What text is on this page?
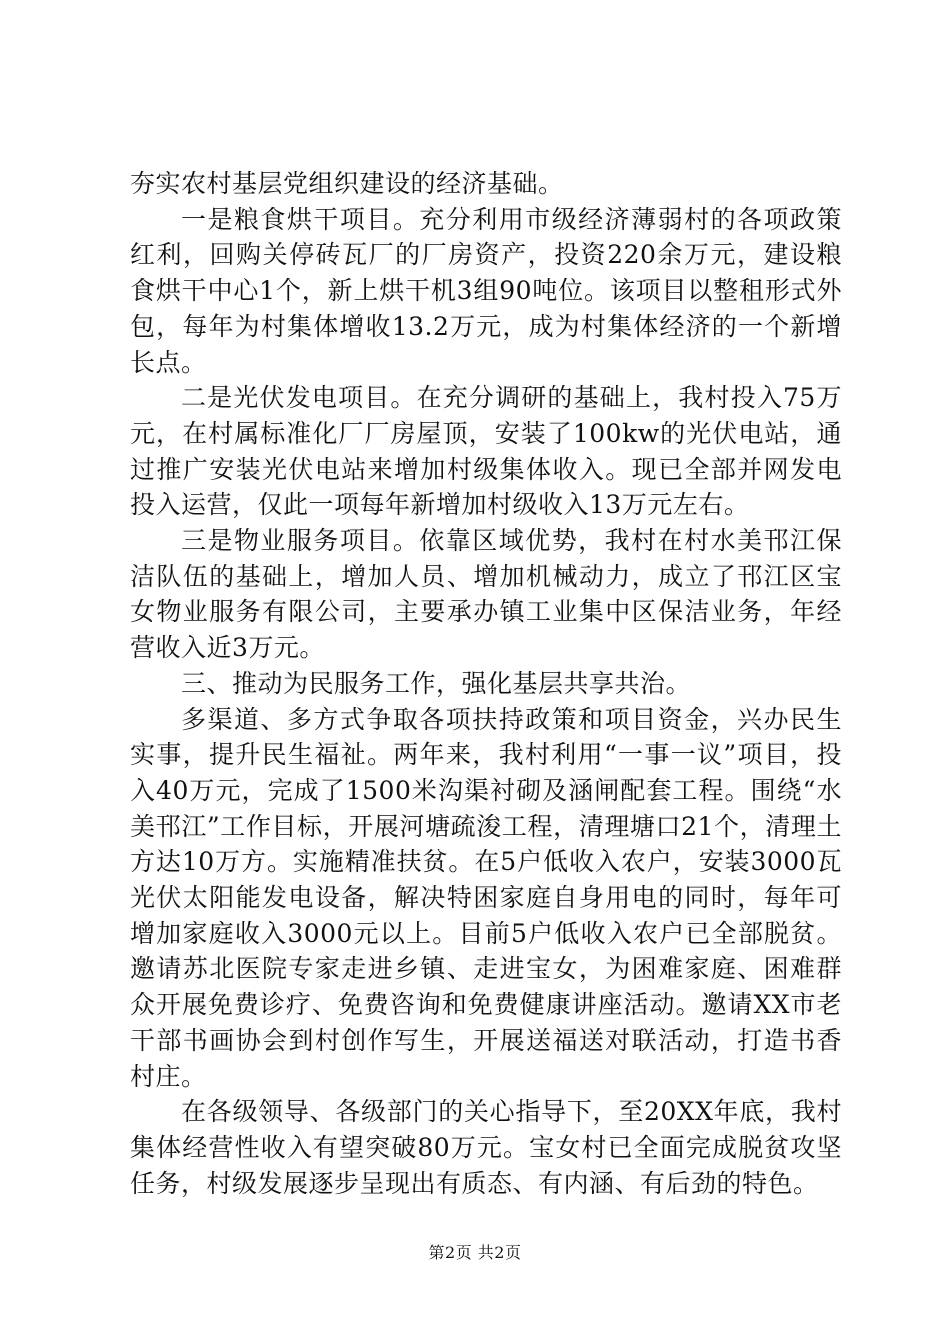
夯实农村基层党组织建设的经济基础。

一是粮食烘干项目。充分利用市级经济薄弱村的各项政策红利，回购关停砖瓦厂的厂房资产，投资220余万元，建设粮食烘干中心1个，新上烘干机3组90吨位。该项目以整租形式外包，每年为村集体增收13.2万元，成为村集体经济的一个新增长点。

二是光伏发电项目。在充分调研的基础上，我村投入75万元，在村属标准化厂厂房屋顶，安装了100kw的光伏电站，通过推广安装光伏电站来增加村级集体收入。现已全部并网发电投入运营，仅此一项每年新增加村级收入13万元左右。

三是物业服务项目。依靠区域优势，我村在村水美邗江保洁队伍的基础上，增加人员、增加机械动力，成立了邗江区宝女物业服务有限公司，主要承办镇工业集中区保洁业务，年经营收入近3万元。

三、推动为民服务工作，强化基层共享共治。

多渠道、多方式争取各项扶持政策和项目资金，兴办民生实事，提升民生福祉。两年来，我村利用“一事一议”项目，投入40万元，完成了1500米沟渠衬砌及涵闸配套工程。围绕“水美邗江”工作目标，开展河塘疏浚工程，清理塘口21个，清理土方达10万方。实施精准扶贫。在5户低收入农户，安装3000瓦光伏太阳能发电设备，解决特困家庭自身用电的同时，每年可增加家庭收入3000元以上。目前5户低收入农户已全部脱贫。邀请苏北医院专家走进乡镇、走进宝女，为困难家庭、困难群众开展免费诊疗、免费咨询和免费健康讲座活动。邀请XX市老干部书画协会到村创作写生，开展送福送对联活动，打造书香村庄。

在各级领导、各级部门的关心指导下，至20XX年底，我村集体经营性收入有望突破80万元。宝女村已全面完成脱贫攻坚任务，村级发展逐步呈现出有质态、有内涵、有后劲的特色。

第2页 共2页
